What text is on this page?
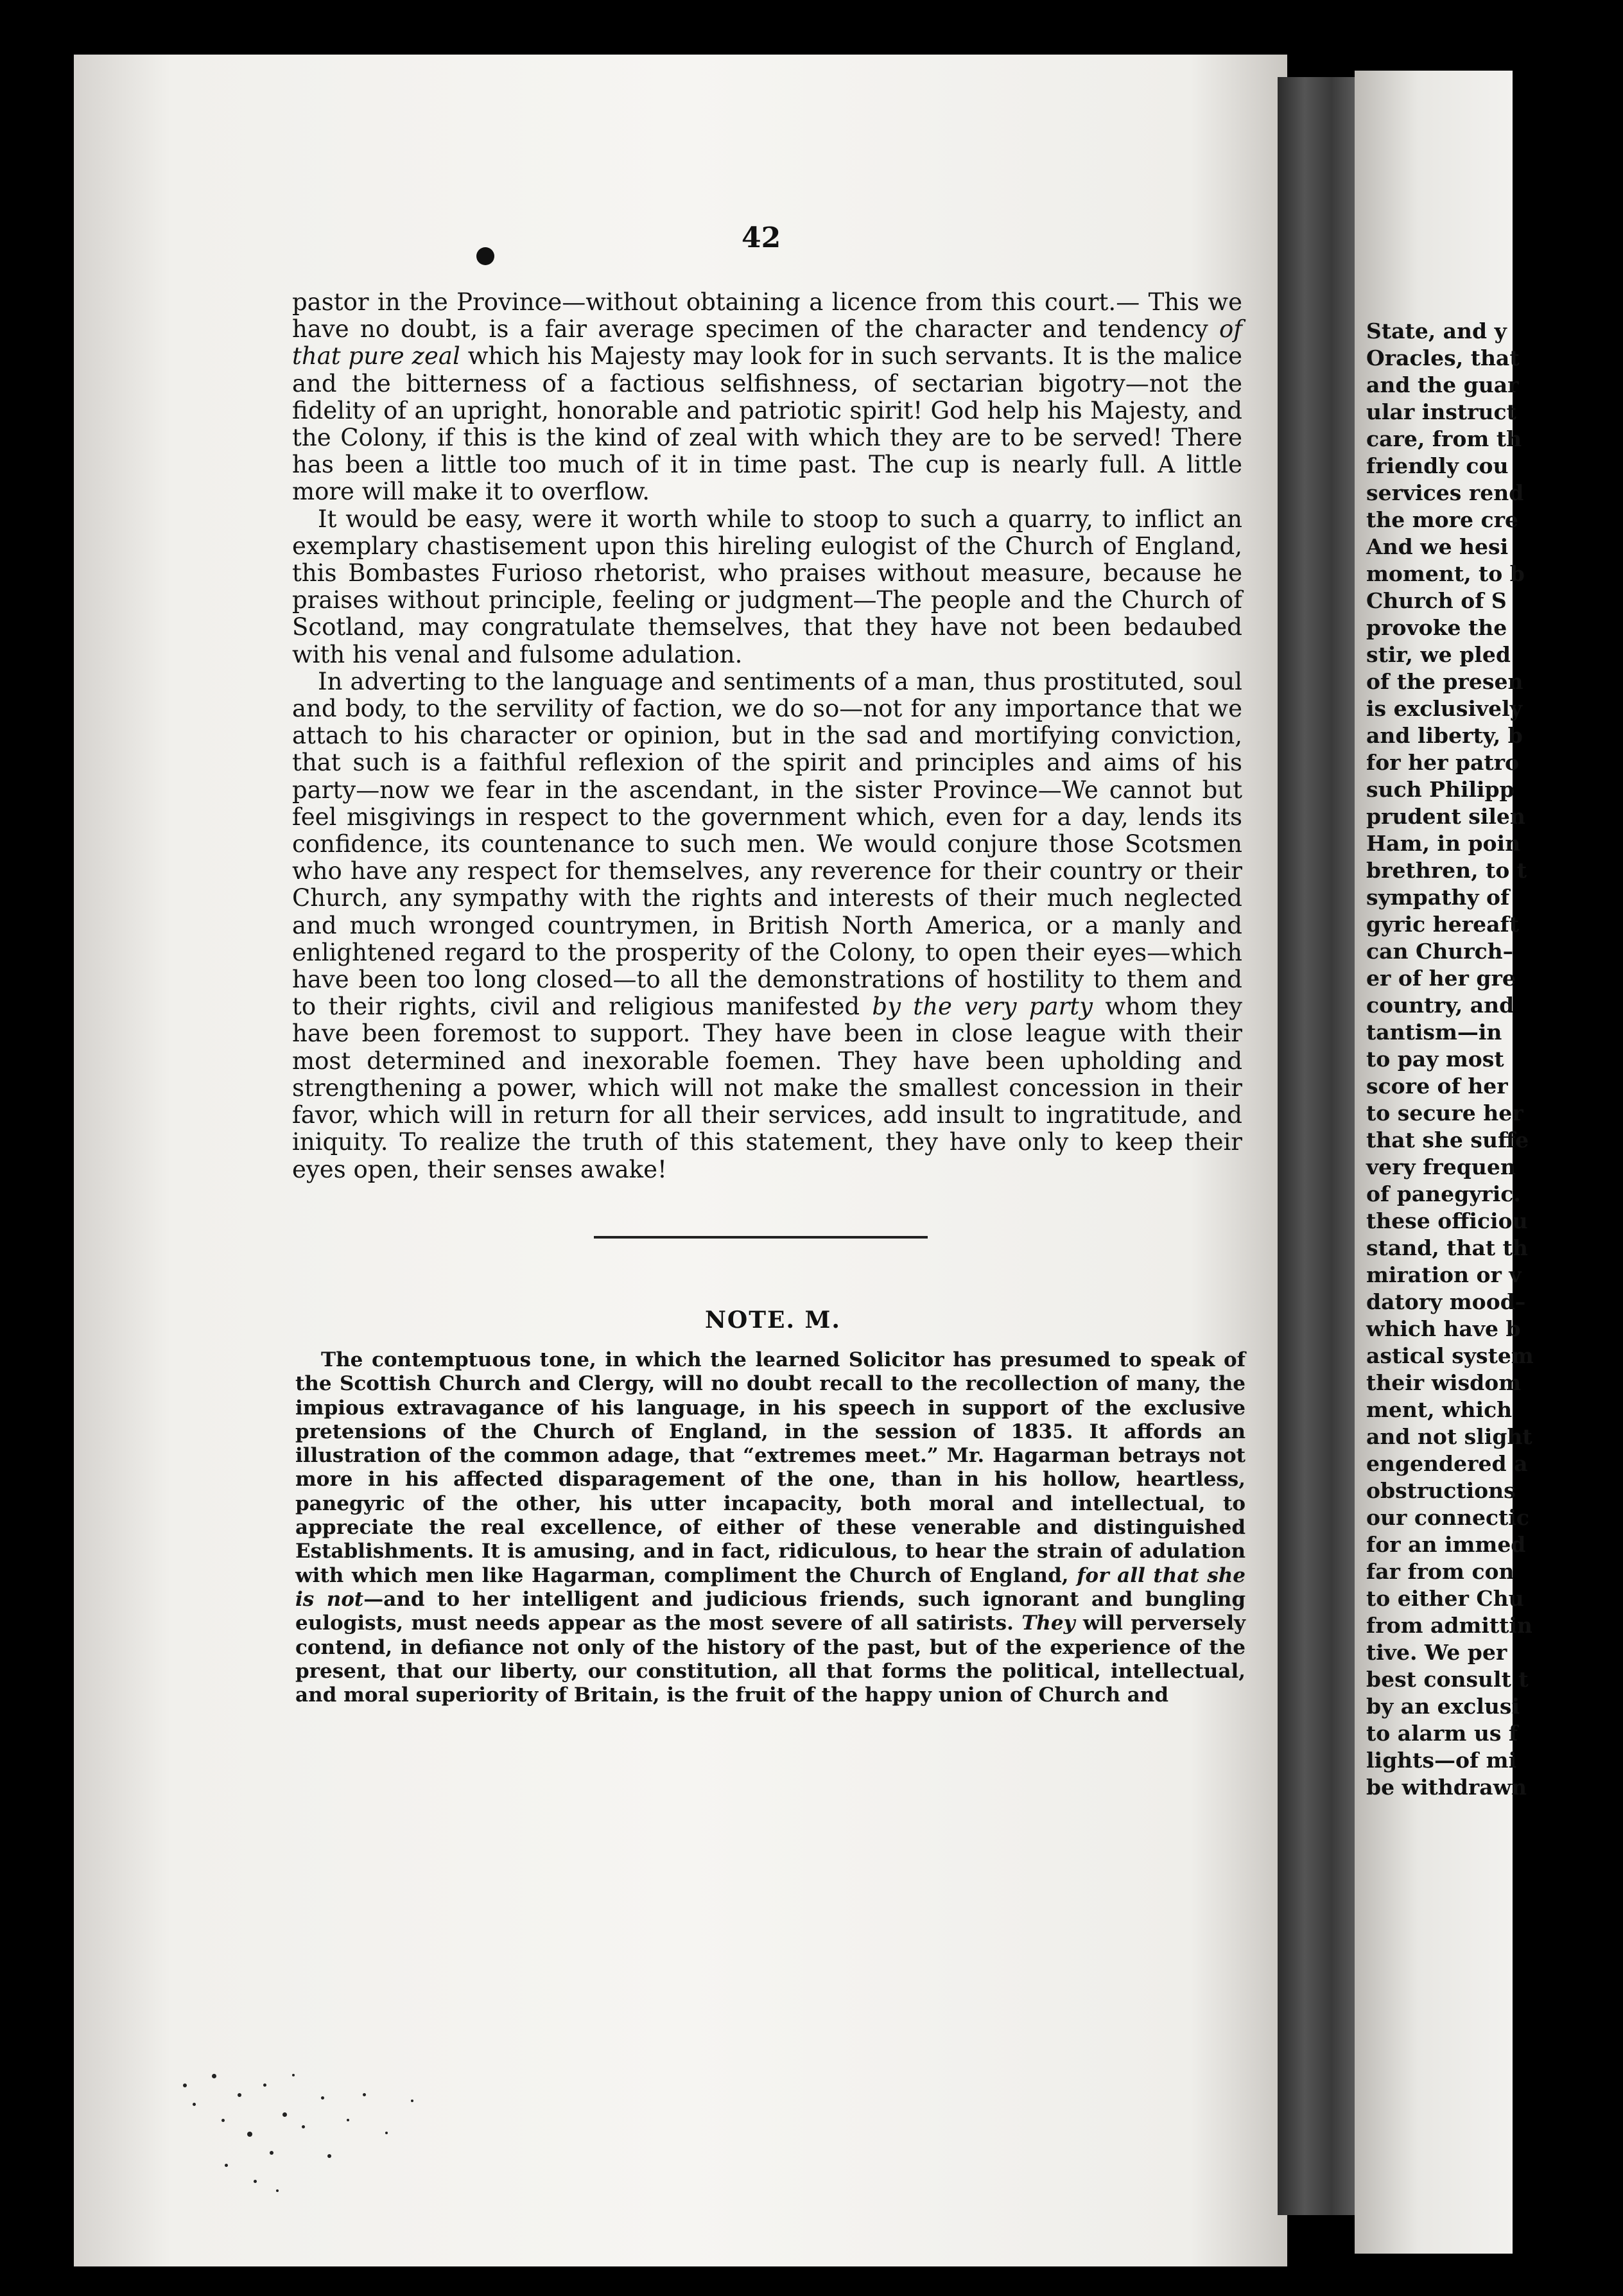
State, and y
Oracles, that
and the guar
ular instruct
care, from th
friendly cou
services rend
the more cre
And we hesi
moment, to b
Church of S
provoke the
stir, we pled
of the presen
is exclusively
and liberty, b
for her patro
such Philipp
prudent silen
Ham, in poin
brethren, to t
sympathy of
gyric hereaft
can Church–
er of her gre
country, and
tantism—in
to pay most
score of her
to secure her
that she suffe
very frequen
of panegyric.
these officiou
stand, that th
miration or v
datory mood–
which have b
astical system
their wisdom
ment, which
and not slight
engendered a
obstructions
our connectic
for an immed
far from con
to either Chu
from admittin
tive. We per
best consult t
by an exclusi
to alarm us f
lights—of mi
be withdrawn
42

pastor in the Province—without obtaining a licence from this court.— This we have no doubt, is a fair average specimen of the character and tendency of that pure zeal which his Majesty may look for in such servants. It is the malice and the bitterness of a factious selfishness, of sectarian bigotry—not the fidelity of an upright, honorable and patriotic spirit! God help his Majesty, and the Colony, if this is the kind of zeal with which they are to be served! There has been a little too much of it in time past. The cup is nearly full. A little more will make it to overflow.

It would be easy, were it worth while to stoop to such a quarry, to inflict an exemplary chastisement upon this hireling eulogist of the Church of England, this Bombastes Furioso rhetorist, who praises without measure, because he praises without principle, feeling or judgment—The people and the Church of Scotland, may congratulate themselves, that they have not been bedaubed with his venal and fulsome adulation.

In adverting to the language and sentiments of a man, thus prostituted, soul and body, to the servility of faction, we do so—not for any importance that we attach to his character or opinion, but in the sad and mortifying conviction, that such is a faithful reflexion of the spirit and principles and aims of his party—now we fear in the ascendant, in the sister Province—We cannot but feel misgivings in respect to the government which, even for a day, lends its confidence, its countenance to such men. We would conjure those Scotsmen who have any respect for themselves, any reverence for their country or their Church, any sympathy with the rights and interests of their much neglected and much wronged countrymen, in British North America, or a manly and enlightened regard to the prosperity of the Colony, to open their eyes—which have been too long closed—to all the demonstrations of hostility to them and to their rights, civil and religious manifested by the very party whom they have been foremost to support. They have been in close league with their most determined and inexorable foemen. They have been upholding and strengthening a power, which will not make the smallest concession in their favor, which will in return for all their services, add insult to ingratitude, and iniquity. To realize the truth of this statement, they have only to keep their eyes open, their senses awake!

NOTE. M.

The contemptuous tone, in which the learned Solicitor has presumed to speak of the Scottish Church and Clergy, will no doubt recall to the recollection of many, the impious extravagance of his language, in his speech in support of the exclusive pretensions of the Church of England, in the session of 1835. It affords an illustration of the common adage, that “extremes meet.” Mr. Hagarman betrays not more in his affected disparagement of the one, than in his hollow, heartless, panegyric of the other, his utter incapacity, both moral and intellectual, to appreciate the real excellence, of either of these venerable and distinguished Establishments. It is amusing, and in fact, ridiculous, to hear the strain of adulation with which men like Hagarman, compliment the Church of England, for all that she is not—and to her intelligent and judicious friends, such ignorant and bungling eulogists, must needs appear as the most severe of all satirists. They will perversely contend, in defiance not only of the history of the past, but of the experience of the present, that our liberty, our constitution, all that forms the political, intellectual, and moral superiority of Britain, is the fruit of the happy union of Church and
